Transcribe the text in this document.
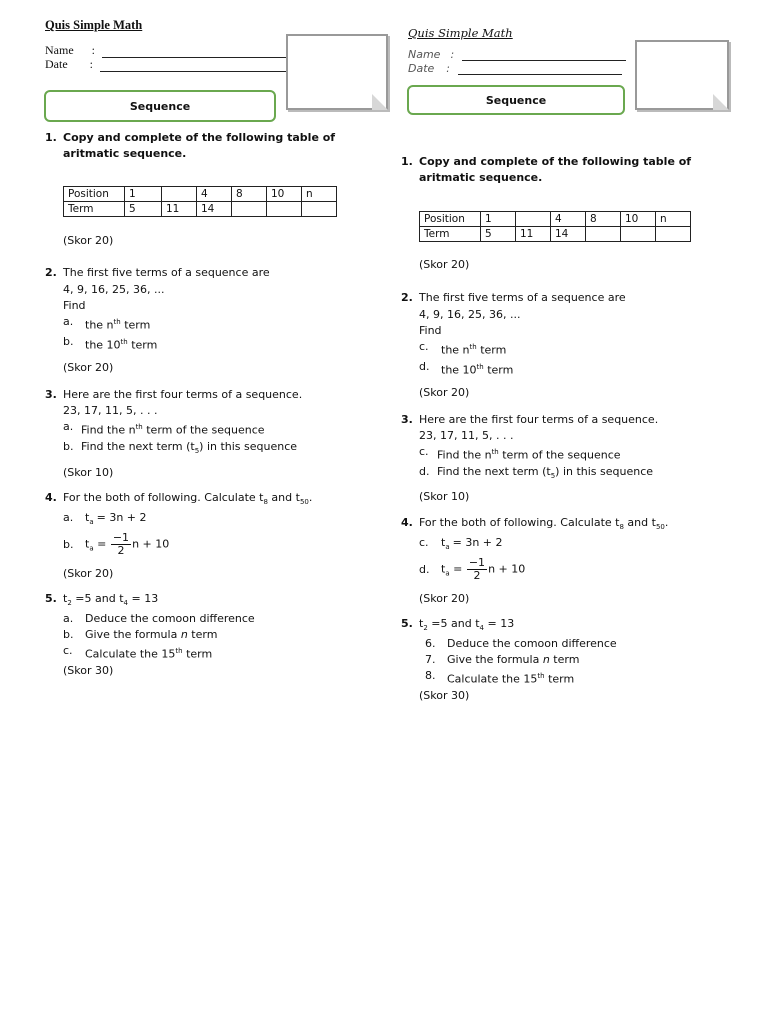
Quis Simple Math
Name :
Date :
Sequence
1. Copy and complete of the following table of aritmatic sequence.
Position	1		4	8	10	n
Term	5	11	14			
(Skor 20)
2. The first five terms of a sequence are
4, 9, 16, 25, 36, ...
Find
a.	the $n^{th}$ term
b.	the 10th term
(Skor 20)
3. Here are the first four terms of a sequence.
23, 17, 11, 5, . . .
a. Find the $n^{th}$ term of the sequence
b. Find the next term $(t_5)$ in this sequence
(Skor 10)
4. For the both of following. Calculate $t_8$ and $t_{50}$.
a.	$t_a = 3n + 2$
b.	$t_a = \frac{-1}{2}$ n + 10
(Skor 20)
5. $t_2 =5$ and $t_4 = 13$
a.	Deduce the comoon difference
b.	Give the formula n term
c.	Calculate the 15th term
(Skor 30)
Quis Simple Math
Name :
Date :
Sequence
1. Copy and complete of the following table of aritmatic sequence.
Position	1		4	8	10	n
Term	5	11	14			
(Skor 20)
2. The first five terms of a sequence are
4, 9, 16, 25, 36, ...
Find
c.	the $n^{th}$ term
d.	the 10th term
(Skor 20)
3. Here are the first four terms of a sequence.
23, 17, 11, 5, . . .
c. Find the $n^{th}$ term of the sequence
d. Find the next term $(t_5)$ in this sequence
(Skor 10)
4. For the both of following. Calculate $t_8$ and $t_{50}$.
c.	$t_a = 3n + 2$
d.	$t_a = \frac{-1}{2}$ n + 10
(Skor 20)
5. $t_2 =5$ and $t_4 = 13$
6.	Deduce the comoon difference
7.	Give the formula n term
8.	Calculate the 15th term
(Skor 30)
